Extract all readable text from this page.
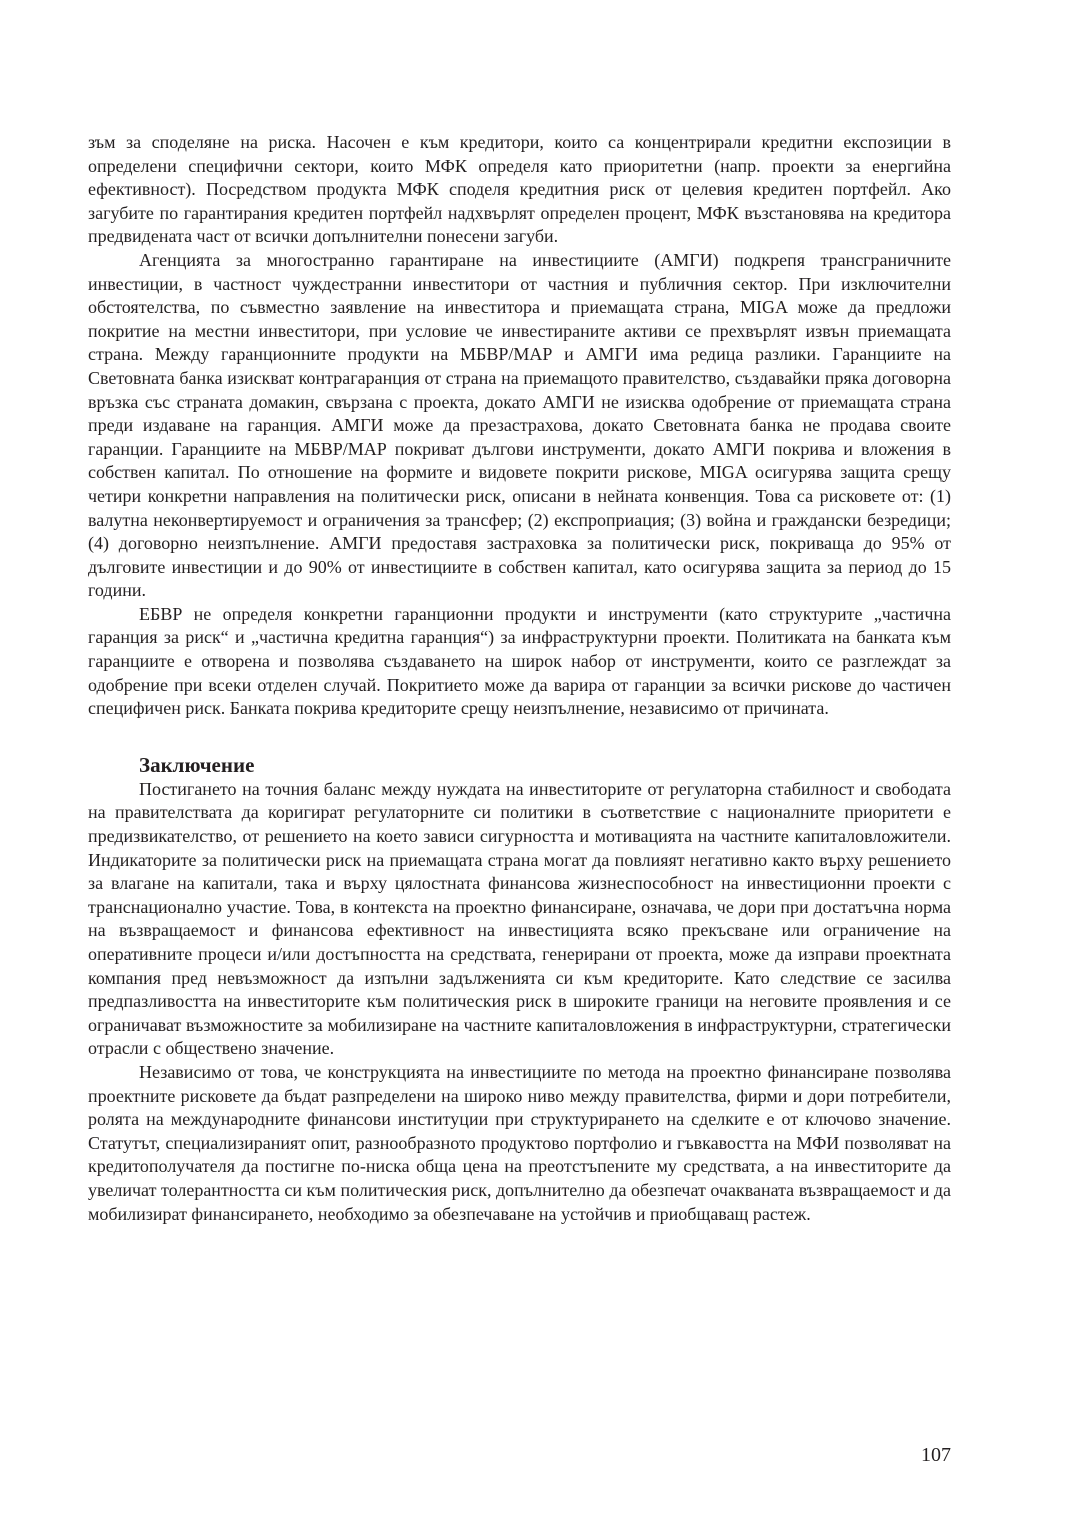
зъм за споделяне на риска. Насочен е към кредитори, които са концентрирали кредитни експозиции в определени специфични сектори, които МФК определя като приоритетни (напр. проекти за енергийна ефективност). Посредством продукта МФК споделя кредитния риск от целевия кредитен портфейл. Ако загубите по гарантирания кредитен портфейл надхвърлят определен процент, МФК възстановява на кредитора предвидената част от всички допълнителни понесени загуби.

Агенцията за многостранно гарантиране на инвестициите (АМГИ) подкрепя трансграничните инвестиции, в частност чуждестранни инвеститори от частния и публичния сектор. При изключителни обстоятелства, по съвместно заявление на инвеститора и приемащата страна, MIGA може да предложи покритие на местни инвеститори, при условие че инвестираните активи се прехвърлят извън приемащата страна. Между гаранционните продукти на МБВР/МАР и АМГИ има редица разлики. Гаранциите на Световната банка изискват контрагаранция от страна на приемащото правителство, създавайки пряка договорна връзка със страната домакин, свързана с проекта, докато АМГИ не изисква одобрение от приемащата страна преди издаване на гаранция. АМГИ може да презастрахова, докато Световната банка не продава своите гаранции. Гаранциите на МБВР/МАР покриват дългови инструменти, докато АМГИ покрива и вложения в собствен капитал. По отношение на формите и видовете покрити рискове, MIGA осигурява защита срещу четири конкретни направления на политически риск, описани в нейната конвенция. Това са рисковете от: (1) валутна неконвертируемост и ограничения за трансфер; (2) експроприация; (3) война и граждански безредици; (4) договорно неизпълнение. АМГИ предоставя застраховка за политически риск, покриваща до 95% от дълговите инвестиции и до 90% от инвестициите в собствен капитал, като осигурява защита за период до 15 години.

ЕБВР не определя конкретни гаранционни продукти и инструменти (като структурите „частична гаранция за риск“ и „частична кредитна гаранция“) за инфраструктурни проекти. Политиката на банката към гаранциите е отворена и позволява създаването на широк набор от инструменти, които се разглеждат за одобрение при всеки отделен случай. Покритието може да варира от гаранции за всички рискове до частичен специфичен риск. Банката покрива кредиторите срещу неизпълнение, независимо от причината.

Заключение

Постигането на точния баланс между нуждата на инвеститорите от регулаторна стабилност и свободата на правителствата да коригират регулаторните си политики в съответствие с националните приоритети е предизвикателство, от решението на което зависи сигурността и мотивацията на частните капиталовложители. Индикаторите за политически риск на приемащата страна могат да повлияят негативно както върху решението за влагане на капитали, така и върху цялостната финансова жизнеспособност на инвестиционни проекти с транснационално участие. Това, в контекста на проектно финансиране, означава, че дори при достатъчна норма на възвращаемост и финансова ефективност на инвестицията всяко прекъсване или ограничение на оперативните процеси и/или достъпността на средствата, генерирани от проекта, може да изправи проектната компания пред невъзможност да изпълни задълженията си към кредиторите. Като следствие се засилва предпазливостта на инвеститорите към политическия риск в широките граници на неговите проявления и се ограничават възможностите за мобилизиране на частните капиталовложения в инфраструктурни, стратегически отрасли с обществено значение.

Независимо от това, че конструкцията на инвестициите по метода на проектно финансиране позволява проектните рисковете да бъдат разпределени на широко ниво между правителства, фирми и дори потребители, ролята на международните финансови институции при структурирането на сделките е от ключово значение. Статутът, специализираният опит, разнообразното продуктово портфолио и гъвкавостта на МФИ позволяват на кредитополучателя да постигне по-ниска обща цена на преотстъпените му средствата, а на инвеститорите да увеличат толерантността си към политическия риск, допълнително да обезпечат очакваната възвращаемост и да мобилизират финансирането, необходимо за обезпечаване на устойчив и приобщаващ растеж.

107
